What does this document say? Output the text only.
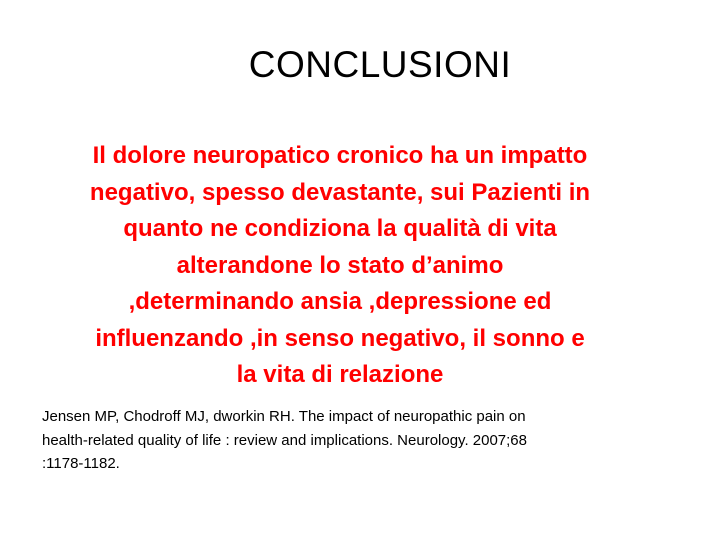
CONCLUSIONI

Il dolore neuropatico cronico ha un impatto
negativo, spesso devastante, sui Pazienti in
quanto ne condiziona la qualità di vita
alterandone lo stato d’animo
,determinando ansia ,depressione ed
influenzando ,in senso negativo, il sonno e
la vita di relazione

Jensen MP, Chodroff MJ, dworkin RH. The impact of neuropathic pain on
health-related quality of life : review and implications. Neurology. 2007;68
:1178-1182.
